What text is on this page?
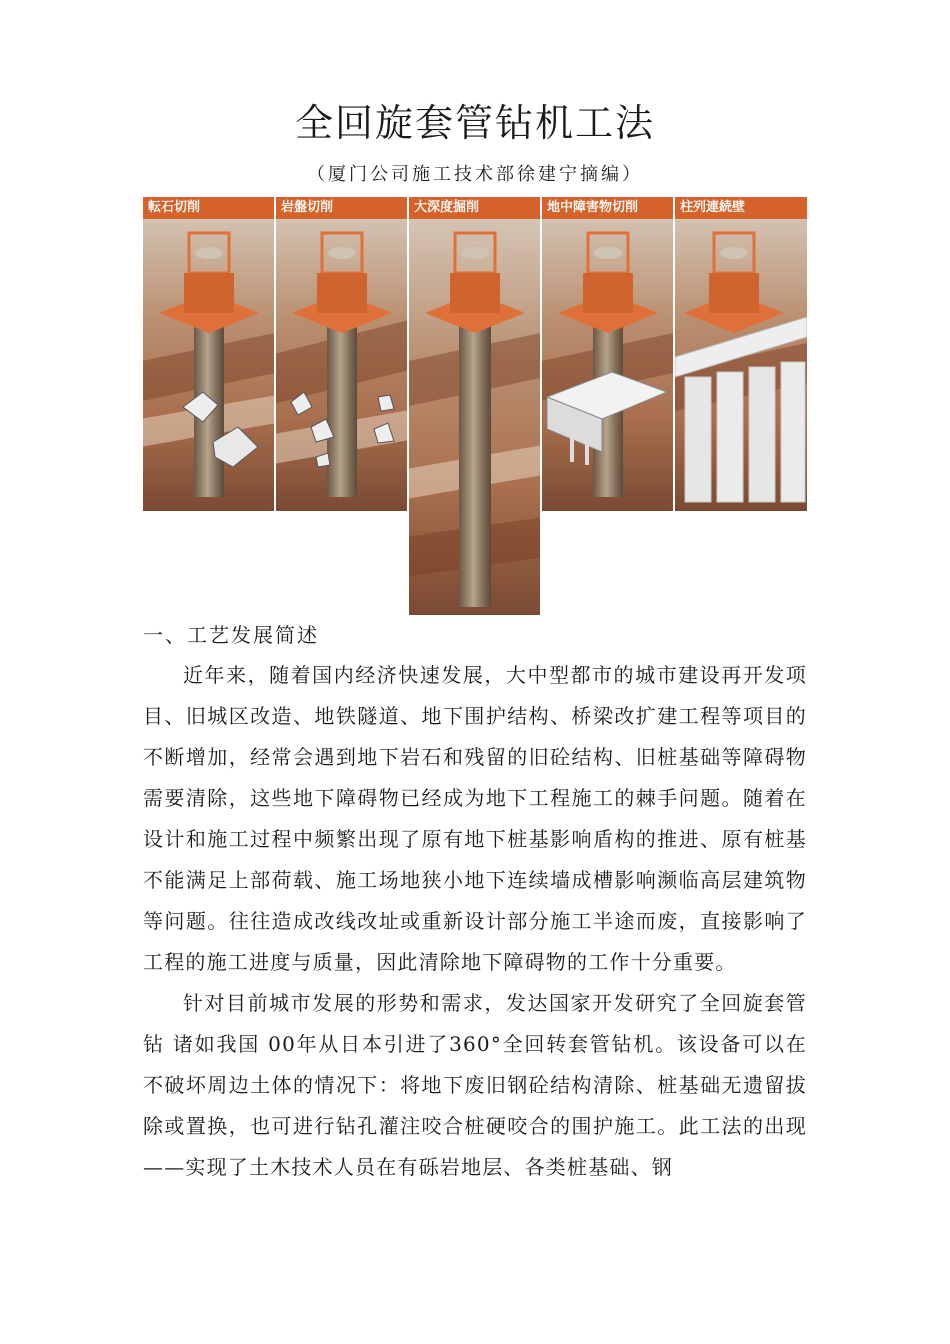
全回旋套管钻机工法
（厦门公司施工技术部徐建宁摘编）
転石切削	岩盤切削	大深度掘削	地中障害物切削	柱列連続壁
一、工艺发展简述

近年来，随着国内经济快速发展，大中型都市的城市建设再开发项目、旧城区改造、地铁隧道、地下围护结构、桥梁改扩建工程等项目的不断增加，经常会遇到地下岩石和残留的旧砼结构、旧桩基础等障碍物需要清除，这些地下障碍物已经成为地下工程施工的棘手问题。随着在设计和施工过程中频繁出现了原有地下桩基影响盾构的推进、原有桩基不能满足上部荷载、施工场地狭小地下连续墙成槽影响濒临高层建筑物等问题。往往造成改线改址或重新设计部分施工半途而废，直接影响了工程的施工进度与质量，因此清除地下障碍物的工作十分重要。

针对目前城市发展的形势和需求，发达国家开发研究了全回旋套管钻 诸如我国 00年从日本引进了360°全回转套管钻机。该设备可以在不破坏周边土体的情况下：将地下废旧钢砼结构清除、桩基础无遗留拔除或置换，也可进行钻孔灌注咬合桩硬咬合的围护施工。此工法的出现——实现了土木技术人员在有砾岩地层、各类桩基础、钢
